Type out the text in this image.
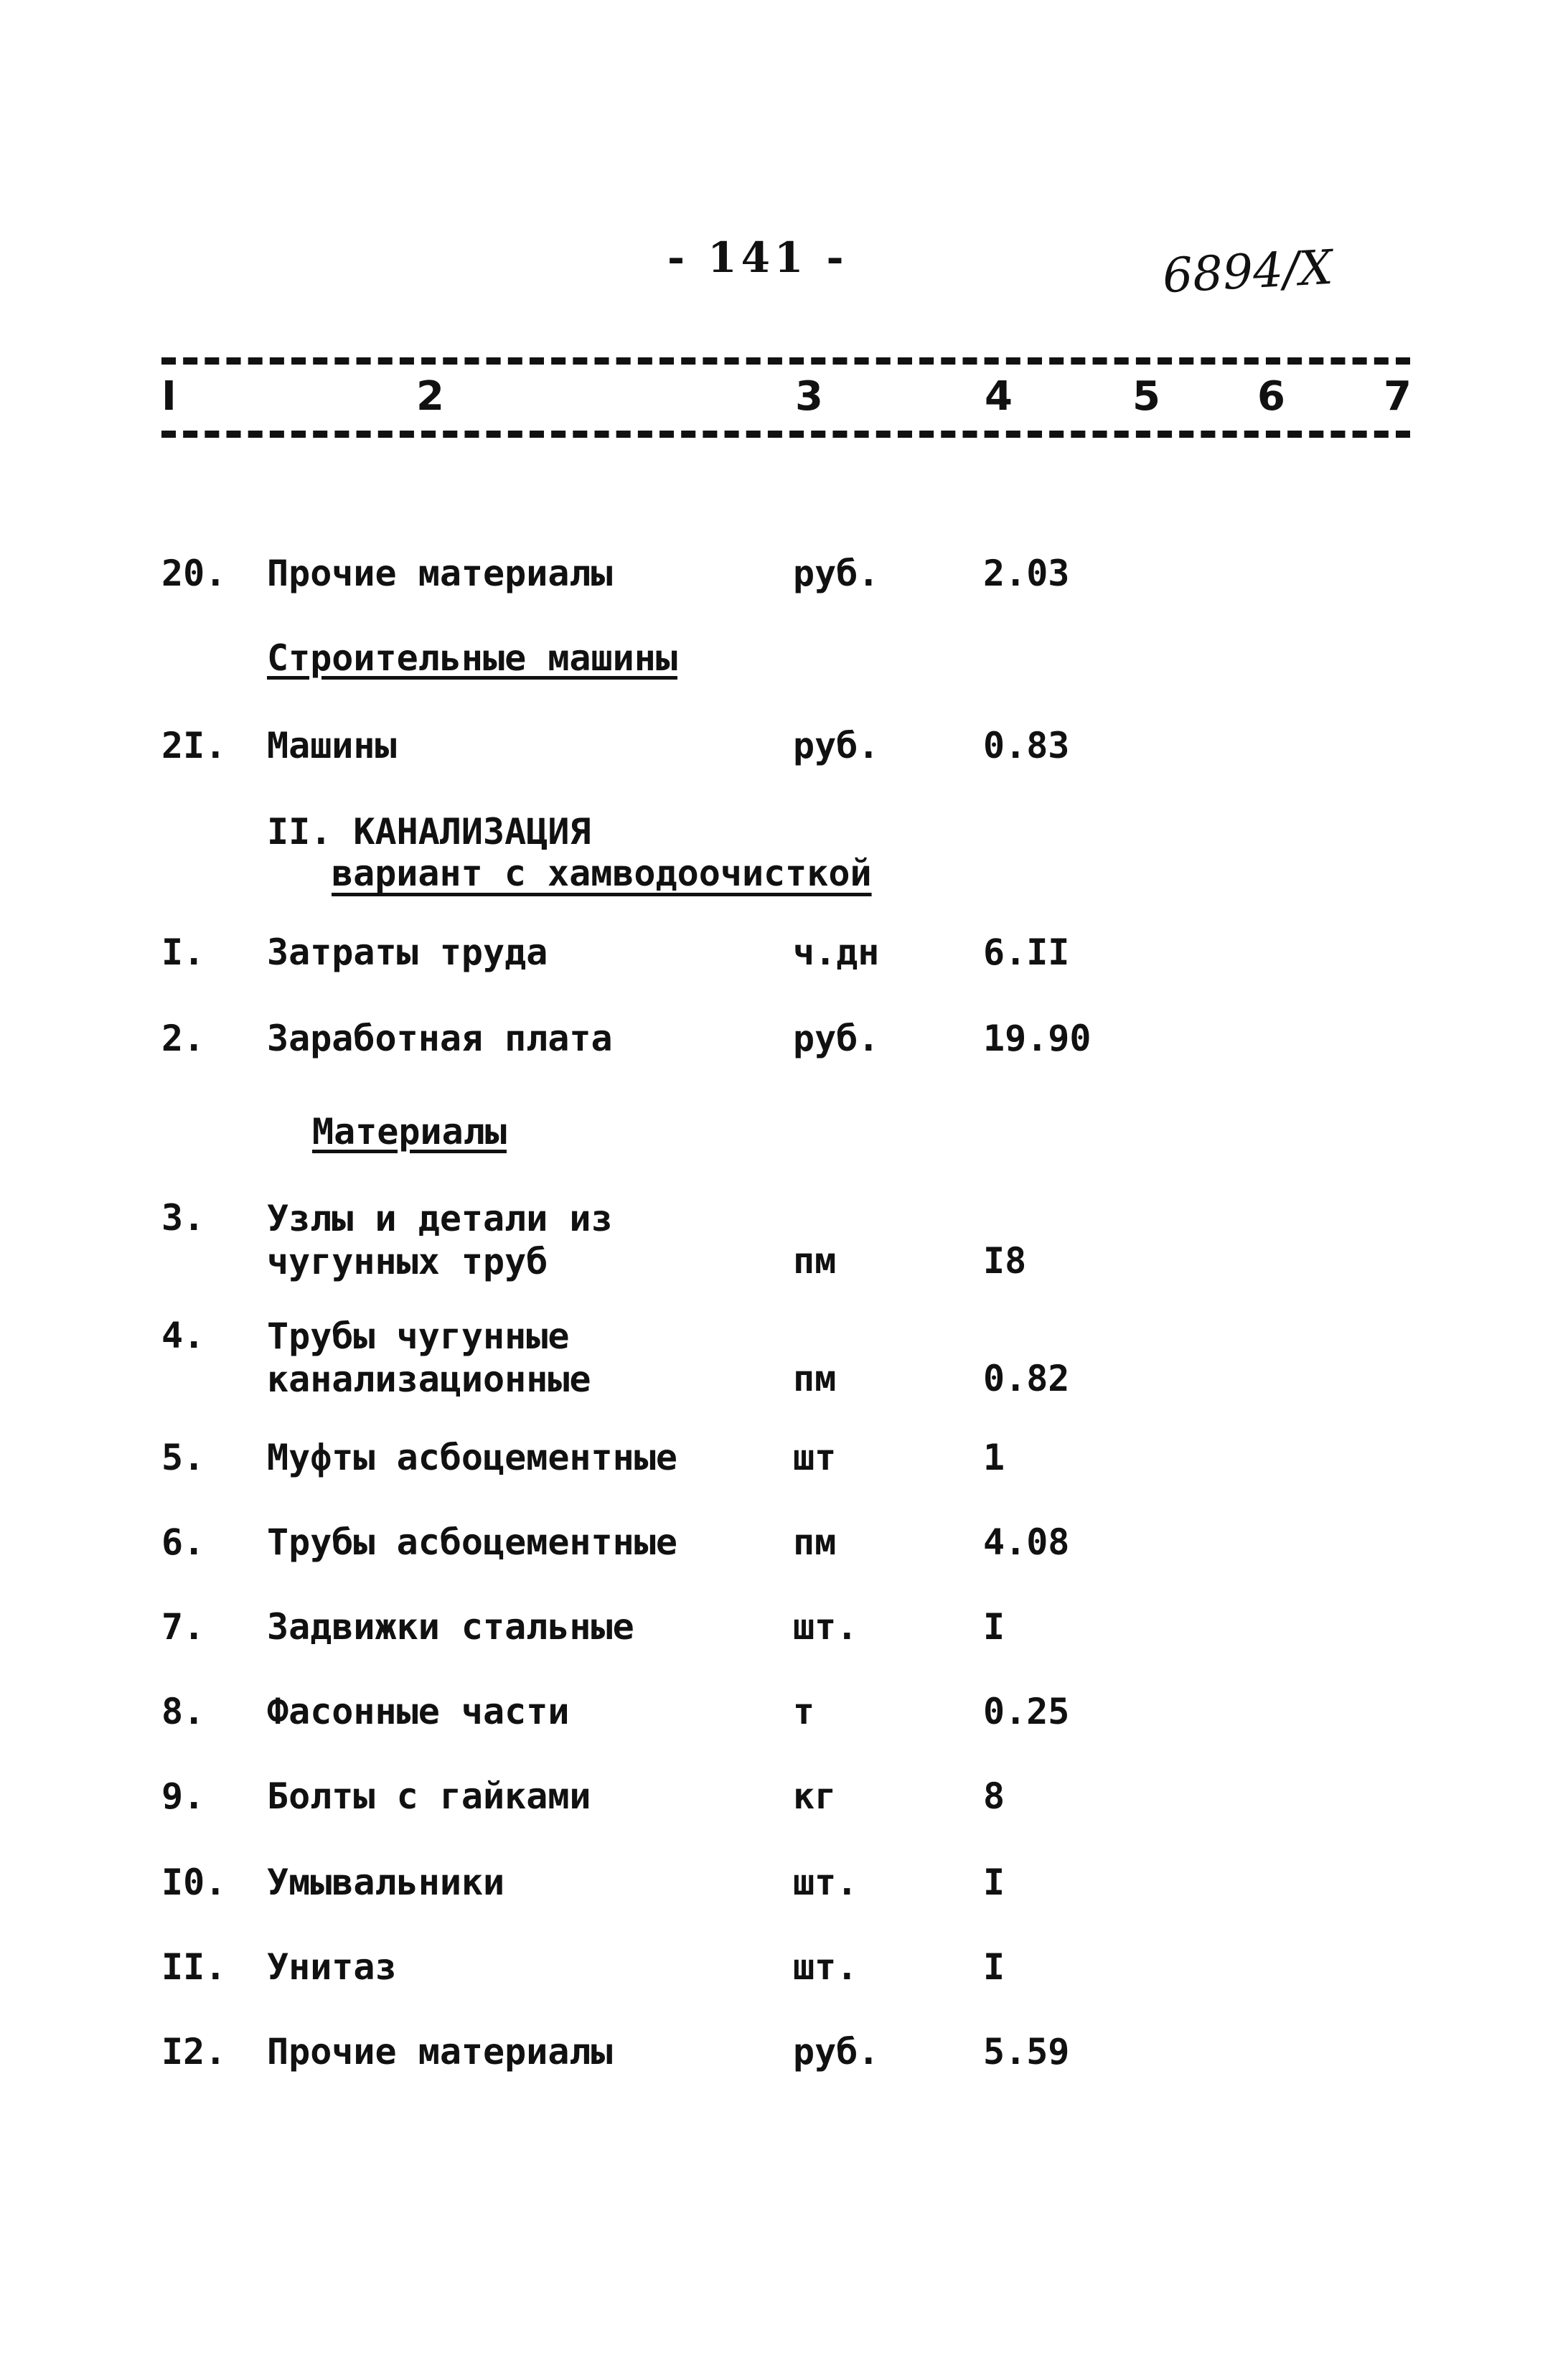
- 141 -	6894/X
I	2	3	4	5 6 7
20. Прочие материалы	руб.	2.03
Строительные машины
2I. Машины	руб.	0.83
II. КАНАЛИЗАЦИЯ
вариант с хамводоочисткой
I. Затраты труда	ч.дн	6.II
2. Заработная плата	руб.	19.90
Материалы
3. Узлы и детали из чугунных труб	пм	I8
4. Трубы чугунные канализационные	пм	0.82
5. Муфты асбоцементные	шт	1
6. Трубы асбоцементные	пм	4.08
7. Задвижки стальные	шт.	I
8. Фасонные части	т	0.25
9. Болты с гайками	кг	8
I0. Умывальники	шт.	I
II. Унитаз	шт.	I
I2. Прочие материалы	руб.	5.59
